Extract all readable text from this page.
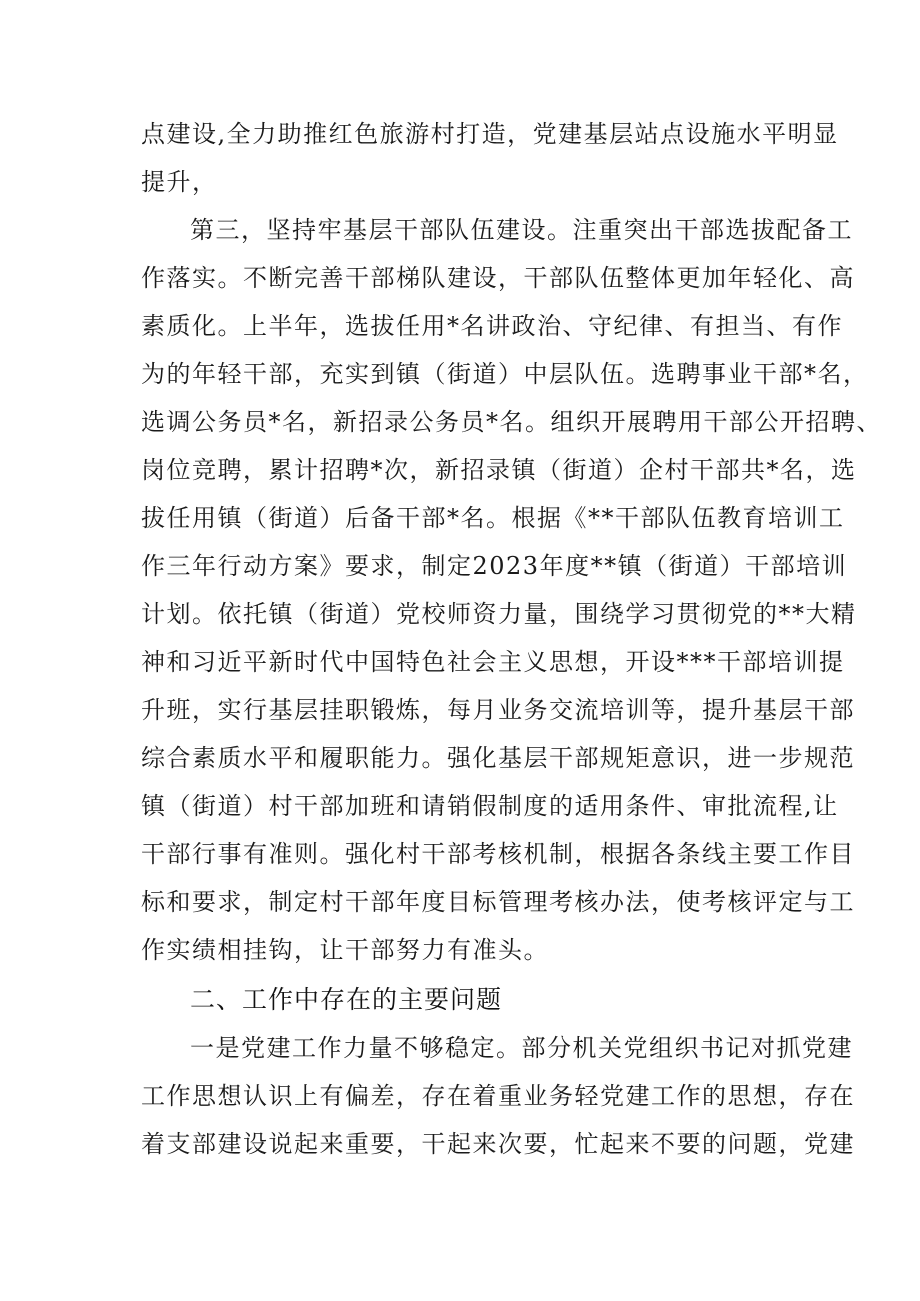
点建设,全力助推红色旅游村打造，党建基层站点设施水平明显
提升，
第三，坚持牢基层干部队伍建设。注重突出干部选拔配备工
作落实。不断完善干部梯队建设，干部队伍整体更加年轻化、高
素质化。上半年，选拔任用*名讲政治、守纪律、有担当、有作
为的年轻干部，充实到镇（街道）中层队伍。选聘事业干部*名，
选调公务员*名，新招录公务员*名。组织开展聘用干部公开招聘、
岗位竞聘，累计招聘*次，新招录镇（街道）企村干部共*名，选
拔任用镇（街道）后备干部*名。根据《**干部队伍教育培训工
作三年行动方案》要求，制定2023年度**镇（街道）干部培训
计划。依托镇（街道）党校师资力量，围绕学习贯彻党的**大精
神和习近平新时代中国特色社会主义思想，开设***干部培训提
升班，实行基层挂职锻炼，每月业务交流培训等，提升基层干部
综合素质水平和履职能力。强化基层干部规矩意识，进一步规范
镇（街道）村干部加班和请销假制度的适用条件、审批流程,让
干部行事有准则。强化村干部考核机制，根据各条线主要工作目
标和要求，制定村干部年度目标管理考核办法，使考核评定与工
作实绩相挂钩，让干部努力有准头。
二、工作中存在的主要问题
一是党建工作力量不够稳定。部分机关党组织书记对抓党建
工作思想认识上有偏差，存在着重业务轻党建工作的思想，存在
着支部建设说起来重要，干起来次要，忙起来不要的问题，党建
